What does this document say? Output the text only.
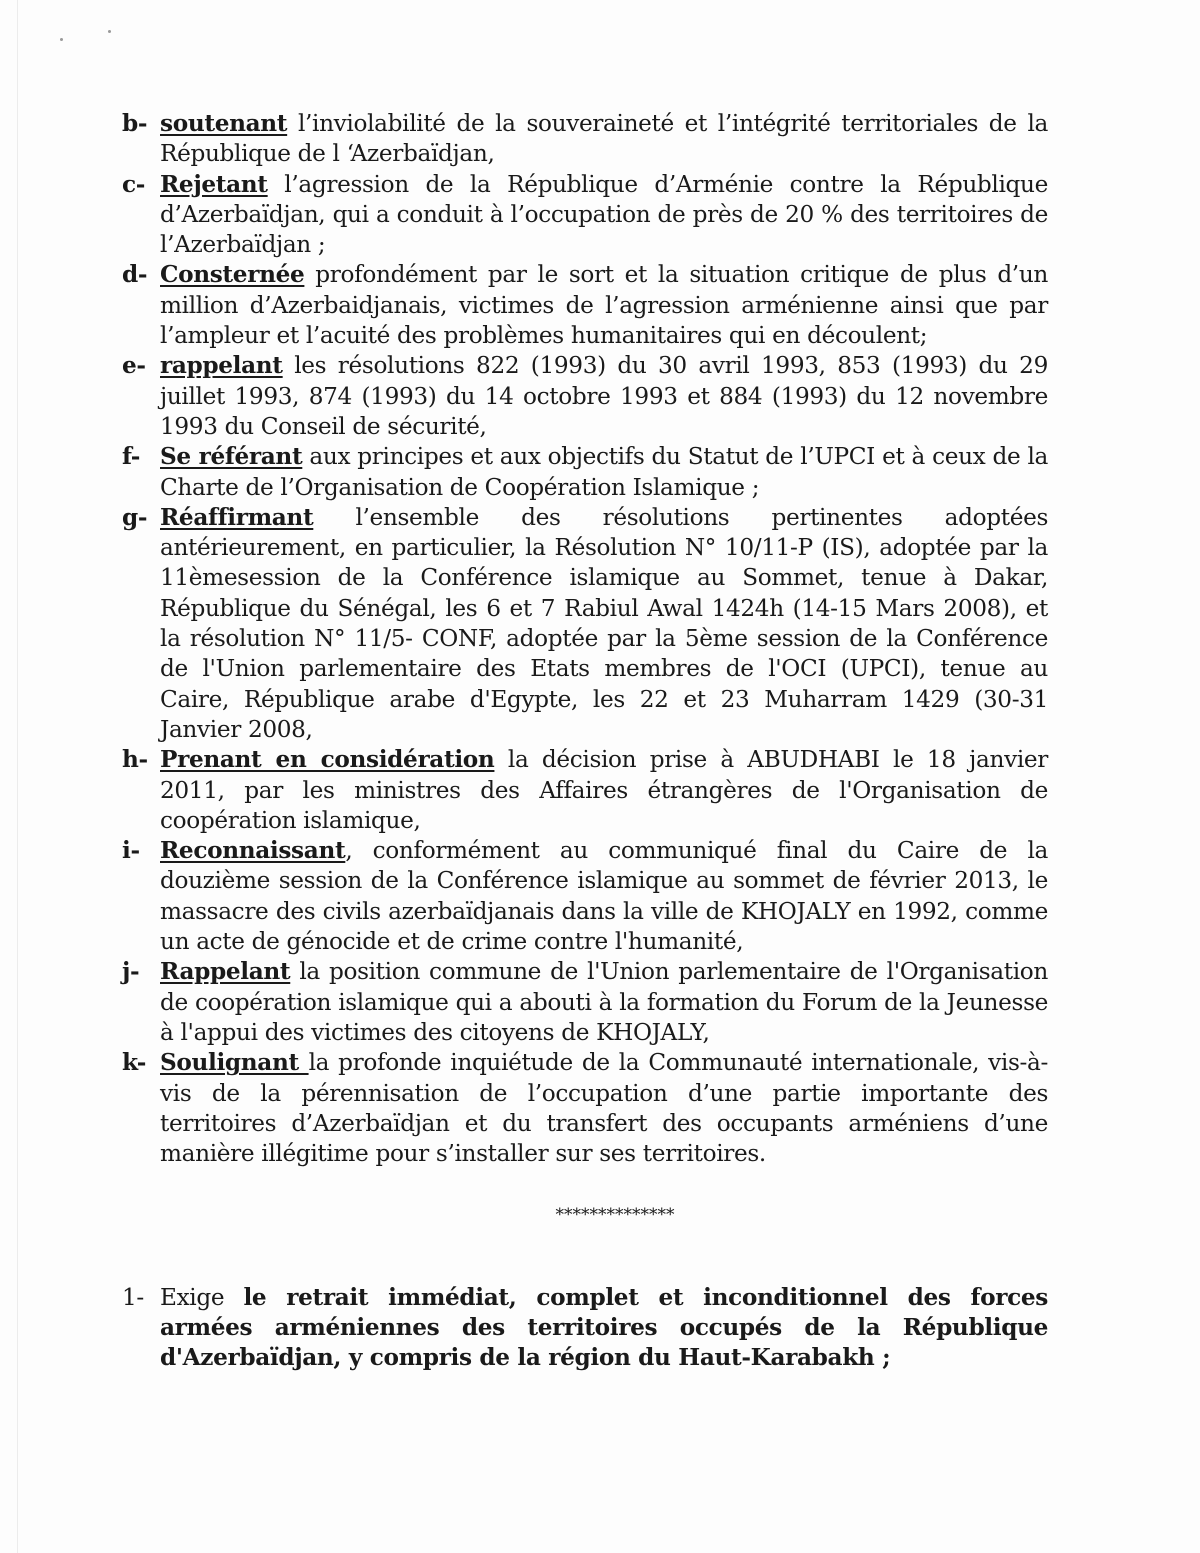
b- soutenant l’inviolabilité de la souveraineté et l’intégrité territoriales de la République de l ‘Azerbaïdjan,
c- Rejetant l’agression de la République d’Arménie contre la République d’Azerbaïdjan, qui a conduit à l’occupation de près de 20 % des territoires de l’Azerbaïdjan ;
d- Consternée profondément par le sort et la situation critique de plus d’un million d’Azerbaidjanais, victimes de l’agression arménienne ainsi que par l’ampleur et l’acuité des problèmes humanitaires qui en découlent;
e- rappelant les résolutions 822 (1993) du 30 avril 1993, 853 (1993) du 29 juillet 1993, 874 (1993) du 14 octobre 1993 et 884 (1993) du 12 novembre 1993 du Conseil de sécurité,
f- Se référant aux principes et aux objectifs du Statut de l’UPCI et à ceux de la Charte de l’Organisation de Coopération Islamique ;
g- Réaffirmant l’ensemble des résolutions pertinentes adoptées antérieurement, en particulier, la Résolution N° 10/11-P (IS), adoptée par la 11èmesession de la Conférence islamique au Sommet, tenue à Dakar, République du Sénégal, les 6 et 7 Rabiul Awal 1424h (14-15 Mars 2008), et la résolution N° 11/5- CONF, adoptée par la 5ème session de la Conférence de l'Union parlementaire des Etats membres de l'OCI (UPCI), tenue au Caire, République arabe d'Egypte, les 22 et 23 Muharram 1429 (30-31 Janvier 2008,
h- Prenant en considération la décision prise à ABUDHABI le 18 janvier 2011, par les ministres des Affaires étrangères de l'Organisation de coopération islamique,
i- Reconnaissant, conformément au communiqué final du Caire de la douzième session de la Conférence islamique au sommet de février 2013, le massacre des civils azerbaïdjanais dans la ville de KHOJALY en 1992, comme un acte de génocide et de crime contre l'humanité,
j- Rappelant la position commune de l'Union parlementaire de l'Organisation de coopération islamique qui a abouti à la formation du Forum de la Jeunesse à l'appui des victimes des citoyens de KHOJALY,
k- Soulignant la profonde inquiétude de la Communauté internationale, vis-à-vis de la pérennisation de l’occupation d’une partie importante des territoires d’Azerbaïdjan et du transfert des occupants arméniens d’une manière illégitime pour s’installer sur ses territoires.
**************
1- Exige le retrait immédiat, complet et inconditionnel des forces armées arméniennes des territoires occupés de la République d'Azerbaïdjan, y compris de la région du Haut-Karabakh ;
